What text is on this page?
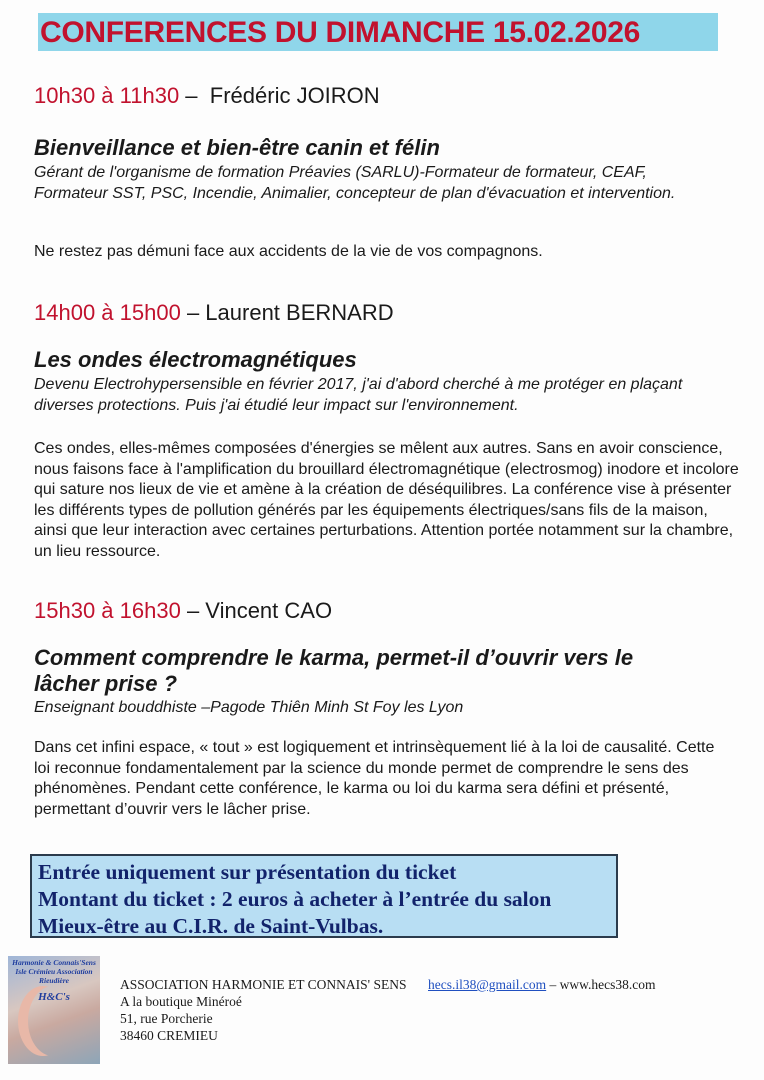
CONFERENCES DU DIMANCHE 15.02.2026
10h30 à 11h30 –  Frédéric JOIRON
Bienveillance et bien-être canin et félin
Gérant de l'organisme de formation Préavies (SARLU)-Formateur de formateur, CEAF, Formateur SST, PSC, Incendie, Animalier, concepteur de plan d'évacuation et intervention.
Ne restez pas démuni face aux accidents de la vie de vos compagnons.
14h00 à 15h00 – Laurent BERNARD
Les ondes électromagnétiques
Devenu Electrohypersensible en février 2017, j'ai d'abord cherché à me protéger en plaçant diverses protections. Puis j'ai étudié leur impact sur l'environnement.
Ces ondes, elles-mêmes composées d'énergies se mêlent aux autres. Sans en avoir conscience, nous faisons face à l'amplification du brouillard électromagnétique (electrosmog) inodore et incolore qui sature nos lieux de vie et amène à la création de déséquilibres. La conférence vise à présenter les différents types de pollution générés par les équipements électriques/sans fils de la maison, ainsi que leur interaction avec certaines perturbations. Attention portée notamment sur la chambre, un lieu ressource.
15h30 à 16h30 – Vincent CAO
Comment comprendre le karma, permet-il d’ouvrir vers le lâcher prise ?
Enseignant bouddhiste –Pagode Thiên Minh St Foy les Lyon
Dans cet infini espace, « tout » est logiquement et intrinsèquement lié à la loi de causalité. Cette loi reconnue fondamentalement par la science du monde permet de comprendre le sens des phénomènes. Pendant cette conférence, le karma ou loi du karma sera défini et présenté, permettant d’ouvrir vers le lâcher prise.
Entrée uniquement sur présentation du ticket
Montant du ticket : 2 euros à acheter à l’entrée du salon
Mieux-être au C.I.R. de Saint-Vulbas.
Harmonie & Connais'Sens Isle Crémieu Association Rieudière
H&C's
ASSOCIATION HARMONIE ET CONNAIS' SENS
A la boutique Minéroé
51, rue Porcherie
38460 CREMIEU
hecs.il38@gmail.com – www.hecs38.com
